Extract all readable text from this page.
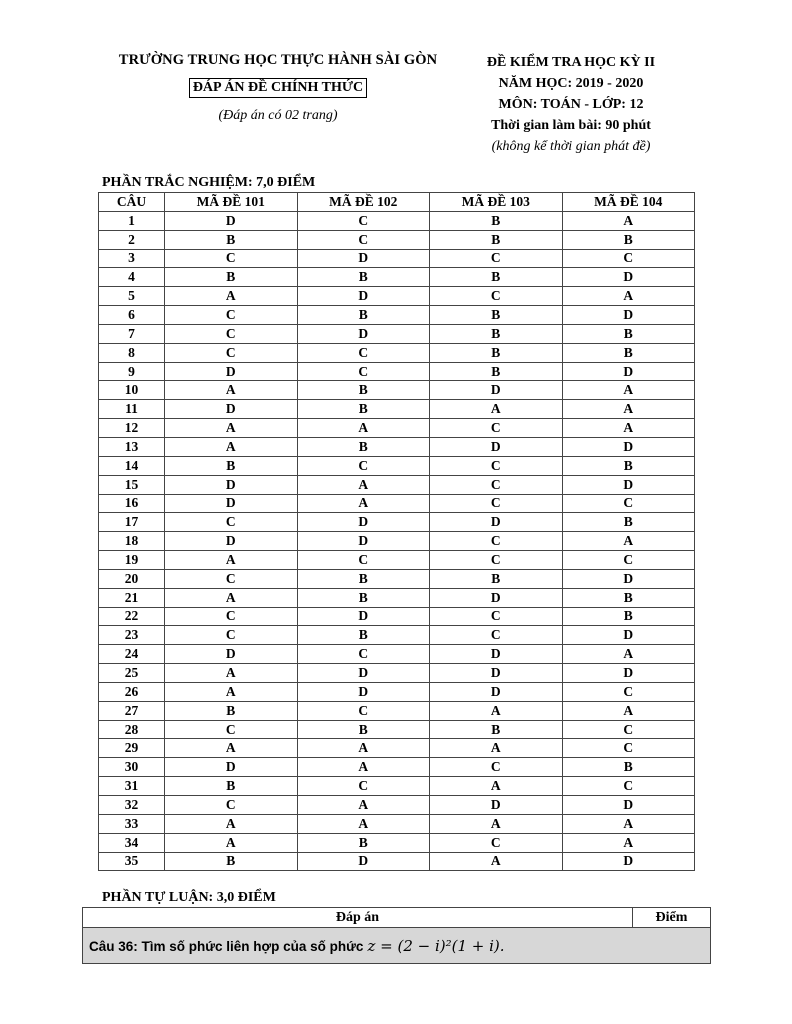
TRƯỜNG TRUNG HỌC THỰC HÀNH SÀI GÒN
ĐÁP ÁN ĐỀ CHÍNH THỨC
(Đáp án có 02 trang)
ĐỀ KIỂM TRA HỌC KỲ II
NĂM HỌC: 2019 - 2020
MÔN: TOÁN - LỚP: 12
Thời gian làm bài: 90 phút
(không kể thời gian phát đề)
PHẦN TRẮC NGHIỆM: 7,0 ĐIỂM
CÂU	MÃ ĐỀ 101	MÃ ĐỀ 102	MÃ ĐỀ 103	MÃ ĐỀ 104
1	D	C	B	A
2	B	C	B	B
3	C	D	C	C
4	B	B	B	D
5	A	D	C	A
6	C	B	B	D
7	C	D	B	B
8	C	C	B	B
9	D	C	B	D
10	A	B	D	A
11	D	B	A	A
12	A	A	C	A
13	A	B	D	D
14	B	C	C	B
15	D	A	C	D
16	D	A	C	C
17	C	D	D	B
18	D	D	C	A
19	A	C	C	C
20	C	B	B	D
21	A	B	D	B
22	C	D	C	B
23	C	B	C	D
24	D	C	D	A
25	A	D	D	D
26	A	D	D	C
27	B	C	A	A
28	C	B	B	C
29	A	A	A	C
30	D	A	C	B
31	B	C	A	C
32	C	A	D	D
33	A	A	A	A
34	A	B	C	A
35	B	D	A	D
PHẦN TỰ LUẬN: 3,0 ĐIỂM
Đáp án	Điểm
Câu 36: Tìm số phức liên hợp của số phức z = (2 − i)²(1 + i).
